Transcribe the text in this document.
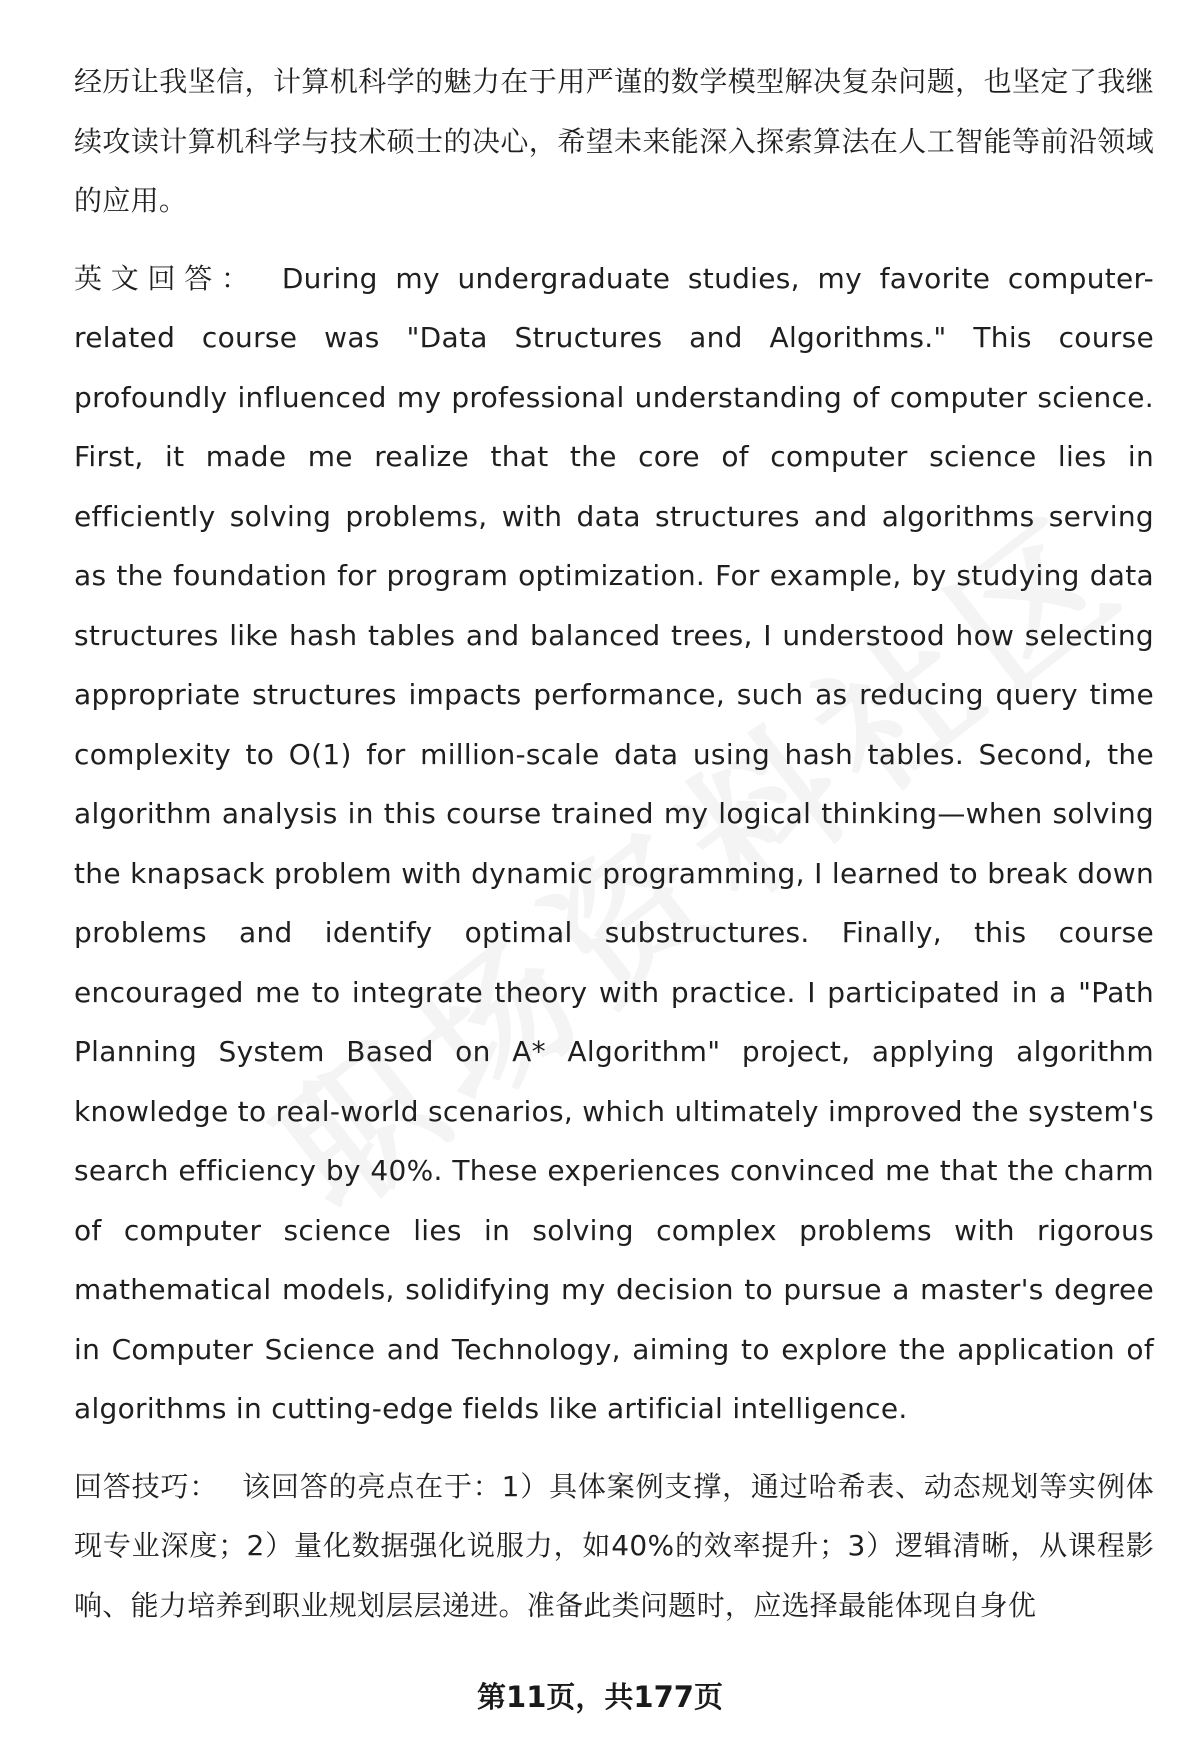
经历让我坚信，计算机科学的魅力在于用严谨的数学模型解决复杂问题，也坚定了我继续攻读计算机科学与技术硕士的决心，希望未来能深入探索算法在人工智能等前沿领域的应用。

英文回答： During my undergraduate studies, my favorite computer-related course was "Data Structures and Algorithms." This course profoundly influenced my professional understanding of computer science. First, it made me realize that the core of computer science lies in efficiently solving problems, with data structures and algorithms serving as the foundation for program optimization. For example, by studying data structures like hash tables and balanced trees, I understood how selecting appropriate structures impacts performance, such as reducing query time complexity to O(1) for million-scale data using hash tables. Second, the algorithm analysis in this course trained my logical thinking—when solving the knapsack problem with dynamic programming, I learned to break down problems and identify optimal substructures. Finally, this course encouraged me to integrate theory with practice. I participated in a "Path Planning System Based on A* Algorithm" project, applying algorithm knowledge to real-world scenarios, which ultimately improved the system's search efficiency by 40%. These experiences convinced me that the charm of computer science lies in solving complex problems with rigorous mathematical models, solidifying my decision to pursue a master's degree in Computer Science and Technology, aiming to explore the application of algorithms in cutting-edge fields like artificial intelligence.

回答技巧： 该回答的亮点在于：1）具体案例支撑，通过哈希表、动态规划等实例体现专业深度；2）量化数据强化说服力，如40%的效率提升；3）逻辑清晰，从课程影响、能力培养到职业规划层层递进。准备此类问题时，应选择最能体现自身优

第11页，共177页
